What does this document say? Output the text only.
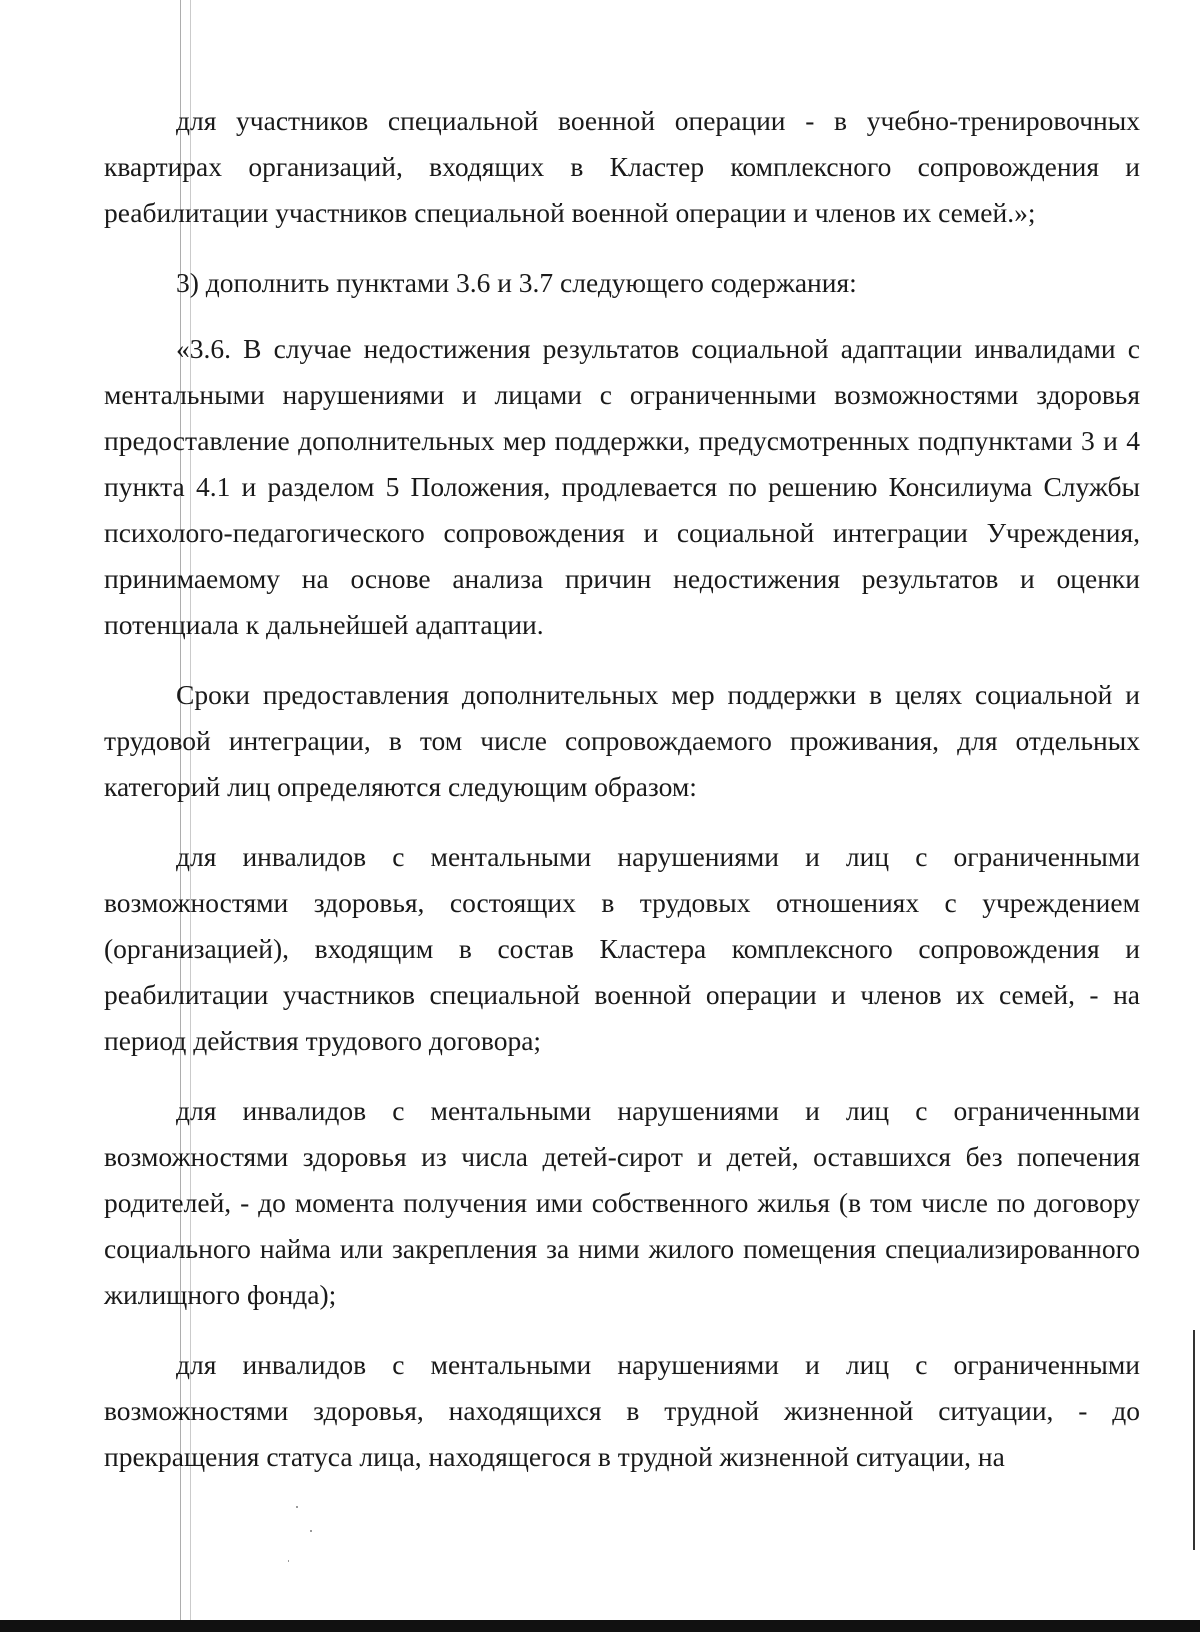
для участников специальной военной операции - в учебно-тренировочных квартирах организаций, входящих в Кластер комплексного сопровождения и реабилитации участников специальной военной операции и членов их семей.»;

3) дополнить пунктами 3.6 и 3.7 следующего содержания:

«3.6. В случае недостижения результатов социальной адаптации инвалидами с ментальными нарушениями и лицами с ограниченными возможностями здоровья предоставление дополнительных мер поддержки, предусмотренных подпунктами 3 и 4 пункта 4.1 и разделом 5 Положения, продлевается по решению Консилиума Службы психолого-педагогического сопровождения и социальной интеграции Учреждения, принимаемому на основе анализа причин недостижения результатов и оценки потенциала к дальнейшей адаптации.

Сроки предоставления дополнительных мер поддержки в целях социальной и трудовой интеграции, в том числе сопровождаемого проживания, для отдельных категорий лиц определяются следующим образом:

для инвалидов с ментальными нарушениями и лиц с ограниченными возможностями здоровья, состоящих в трудовых отношениях с учреждением (организацией), входящим в состав Кластера комплексного сопровождения и реабилитации участников специальной военной операции и членов их семей, - на период действия трудового договора;

для инвалидов с ментальными нарушениями и лиц с ограниченными возможностями здоровья из числа детей-сирот и детей, оставшихся без попечения родителей, - до момента получения ими собственного жилья (в том числе по договору социального найма или закрепления за ними жилого помещения специализированного жилищного фонда);

для инвалидов с ментальными нарушениями и лиц с ограниченными возможностями здоровья, находящихся в трудной жизненной ситуации, - до прекращения статуса лица, находящегося в трудной жизненной ситуации, на
